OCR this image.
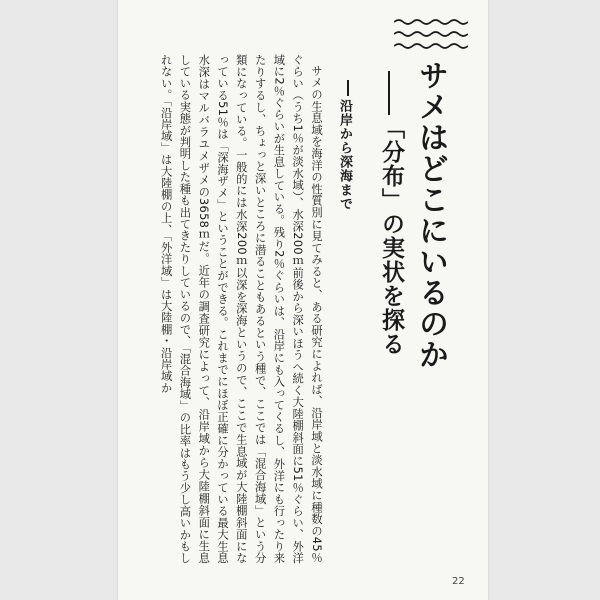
サメはどこにいるのか
「分布」の実状を探る
沿岸から深海まで

サメの生息域を海洋の性質別に見てみると、ある研究によれば、沿岸域と淡水域に種数の45％ぐらい（うち1％が淡水域）、水深200ｍ前後から深いほうへ続く大陸棚斜面に51％ぐらい、外洋域に2％ぐらいが生息している。残り2％ぐらいは、沿岸にも入ってくるし、外洋にも行ったり来たりするし、ちょっと深いところに潜ることもあるという種で、ここでは「混合海域」という分類になっている。一般的には水深200ｍ以深を深海というので、ここで生息域が大陸棚斜面になっている51％は「深海ザメ」ということができる。これまでにほぼ正確に分かっている最大生息水深はマルバラユメザメの3658ｍだ。近年の調査研究によって、沿岸域から大陸棚斜面に生息している実態が判明した種も出てきたりしているので、「混合海域」の比率はもう少し高いかもしれない。「沿岸域」は大陸棚の上、「外洋域」は大陸棚・沿岸域か

22
